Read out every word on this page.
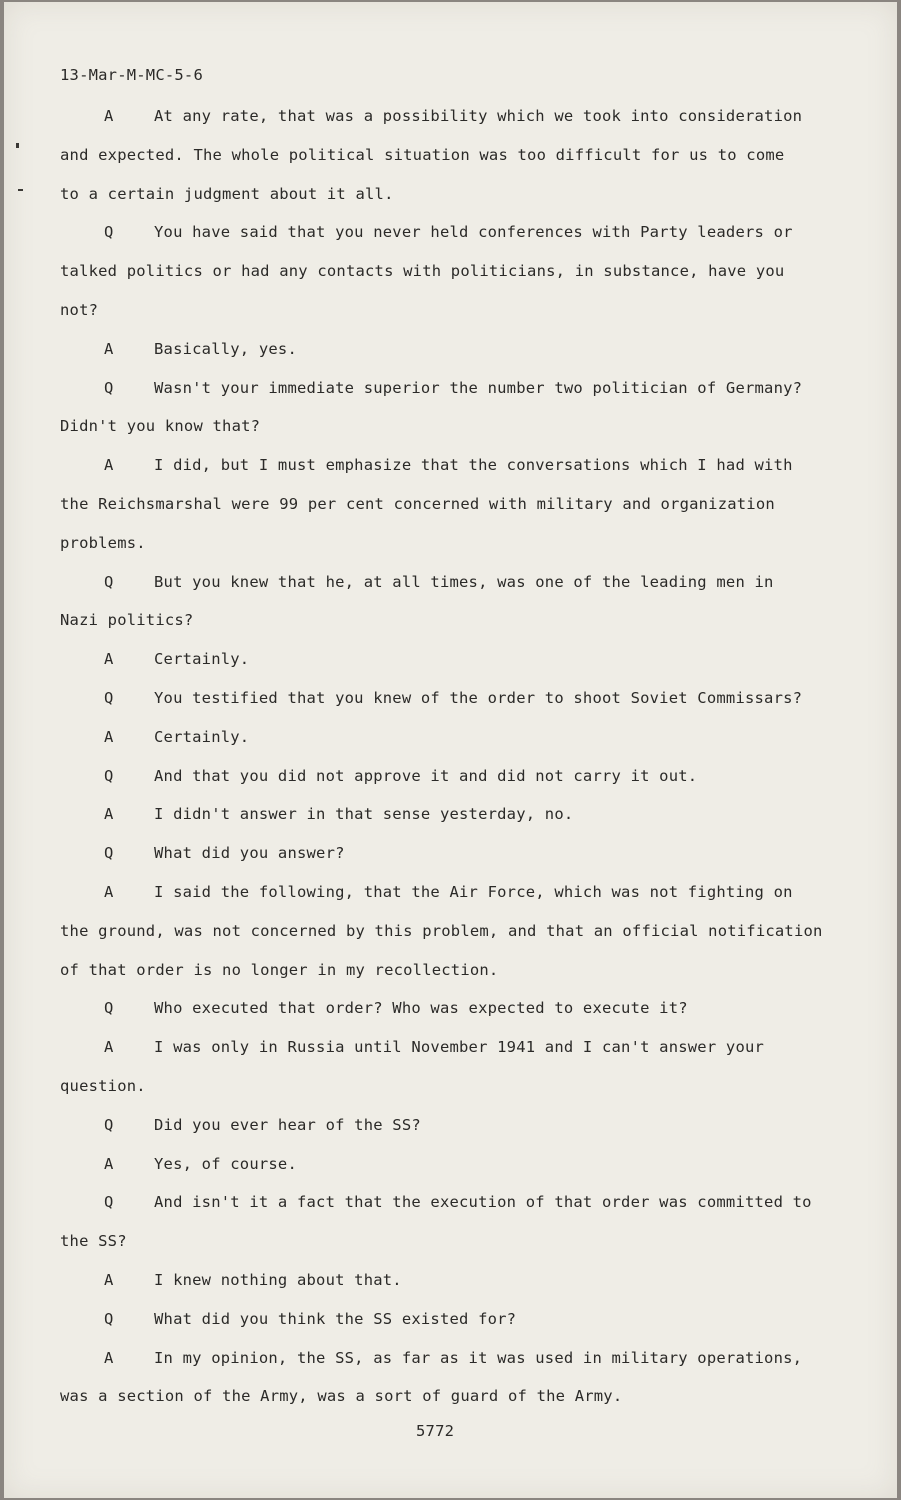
13-Mar-M-MC-5-6
5772
A	At any rate, that was a possibility which we took into consideration
and expected. The whole political situation was too difficult for us to come
to a certain judgment about it all.
Q	You have said that you never held conferences with Party leaders or
talked politics or had any contacts with politicians, in substance, have you
not?
A	Basically, yes.
Q	Wasn't your immediate superior the number two politician of Germany?
Didn't you know that?
A	I did, but I must emphasize that the conversations which I had with
the Reichsmarshal were 99 per cent concerned with military and organization
problems.
Q	But you knew that he, at all times, was one of the leading men in
Nazi politics?
A	Certainly.
Q	You testified that you knew of the order to shoot Soviet Commissars?
A	Certainly.
Q	And that you did not approve it and did not carry it out.
A	I didn't answer in that sense yesterday, no.
Q	What did you answer?
A	I said the following, that the Air Force, which was not fighting on
the ground, was not concerned by this problem, and that an official notification
of that order is no longer in my recollection.
Q	Who executed that order? Who was expected to execute it?
A	I was only in Russia until November 1941 and I can't answer your
question.
Q	Did you ever hear of the SS?
A	Yes, of course.
Q	And isn't it a fact that the execution of that order was committed to
the SS?
A	I knew nothing about that.
Q	What did you think the SS existed for?
A	In my opinion, the SS, as far as it was used in military operations,
was a section of the Army, was a sort of guard of the Army.
